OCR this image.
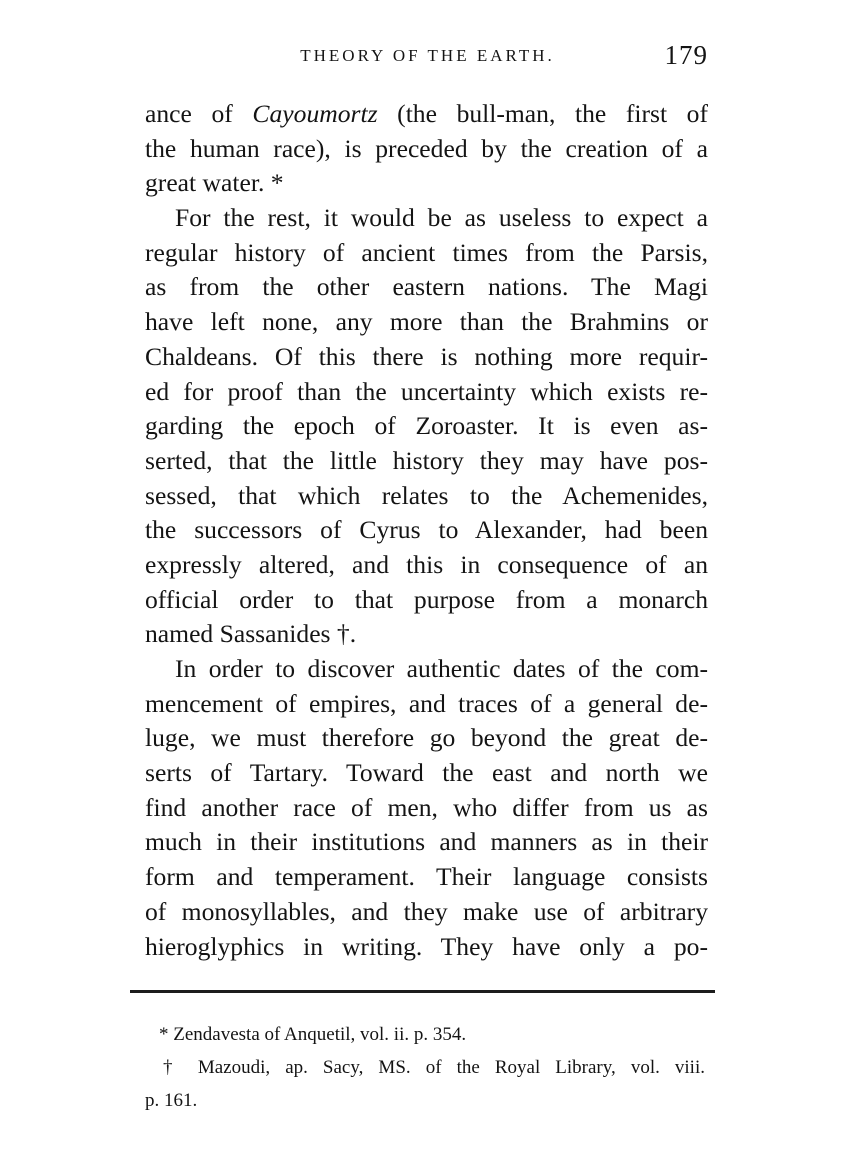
THEORY OF THE EARTH.	179
ance of Cayoumortz (the bull-man, the first of
the human race), is preceded by the creation of a
great water. *
For the rest, it would be as useless to expect a
regular history of ancient times from the Parsis,
as from the other eastern nations. The Magi
have left none, any more than the Brahmins or
Chaldeans. Of this there is nothing more requir-
ed for proof than the uncertainty which exists re-
garding the epoch of Zoroaster. It is even as-
serted, that the little history they may have pos-
sessed, that which relates to the Achemenides,
the successors of Cyrus to Alexander, had been
expressly altered, and this in consequence of an
official order to that purpose from a monarch
named Sassanides †.
In order to discover authentic dates of the com-
mencement of empires, and traces of a general de-
luge, we must therefore go beyond the great de-
serts of Tartary. Toward the east and north we
find another race of men, who differ from us as
much in their institutions and manners as in their
form and temperament. Their language consists
of monosyllables, and they make use of arbitrary
hieroglyphics in writing. They have only a po-
* Zendavesta of Anquetil, vol. ii. p. 354.
† Mazoudi, ap. Sacy, MS. of the Royal Library, vol. viii.
p. 161.
